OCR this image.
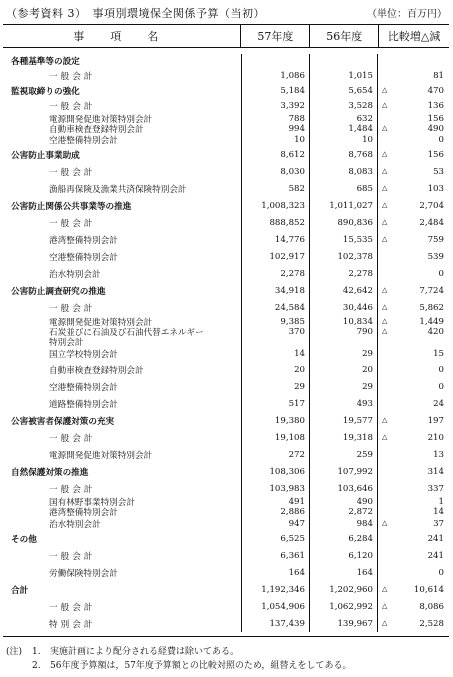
（参考資料 3）　事項別環境保全関係予算（当初）	（単位：百万円）
事項名	57年度	56年度	比較増△減
各種基準等の設定
一般会計	1,086	1,015	81
監視取締りの強化	5,184	5,654	△	470
一般会計	3,392	3,528	△	136
電源開発促進対策特別会計	788	632	156
自動車検査登録特別会計	994	1,484	△	490
空港整備特別会計	10	10	0
公害防止事業助成	8,612	8,768	△	156
一般会計	8,030	8,083	△	53
漁船再保険及漁業共済保険特別会計	582	685	△	103
公害防止関係公共事業等の推進	1,008,323	1,011,027	△	2,704
一般会計	888,852	890,836	△	2,484
港湾整備特別会計	14,776	15,535	△	759
空港整備特別会計	102,917	102,378	539
治水特別会計	2,278	2,278	0
公害防止調査研究の推進	34,918	42,642	△	7,724
一般会計	24,584	30,446	△	5,862
電源開発促進対策特別会計	9,385	10,834	△	1,449
石炭並びに石油及び石油代替エネルギー	370	790	△	420
特別会計
国立学校特別会計	14	29	15
自動車検査登録特別会計	20	20	0
空港整備特別会計	29	29	0
道路整備特別会計	517	493	24
公害被害者保護対策の充実	19,380	19,577	△	197
一般会計	19,108	19,318	△	210
電源開発促進対策特別会計	272	259	13
自然保護対策の推進	108,306	107,992	314
一般会計	103,983	103,646	337
国有林野事業特別会計	491	490	1
港湾整備特別会計	2,886	2,872	14
治水特別会計	947	984	△	37
その他	6,525	6,284	241
一般会計	6,361	6,120	241
労働保険特別会計	164	164	0
合計	1,192,346	1,202,960	△	10,614
一般会計	1,054,906	1,062,992	△	8,086
特別会計	137,439	139,967	△	2,528
(注)	1.	実施計画により配分される経費は除いてある。
2.	56年度予算額は，57年度予算額との比較対照のため，組替えをしてある。
